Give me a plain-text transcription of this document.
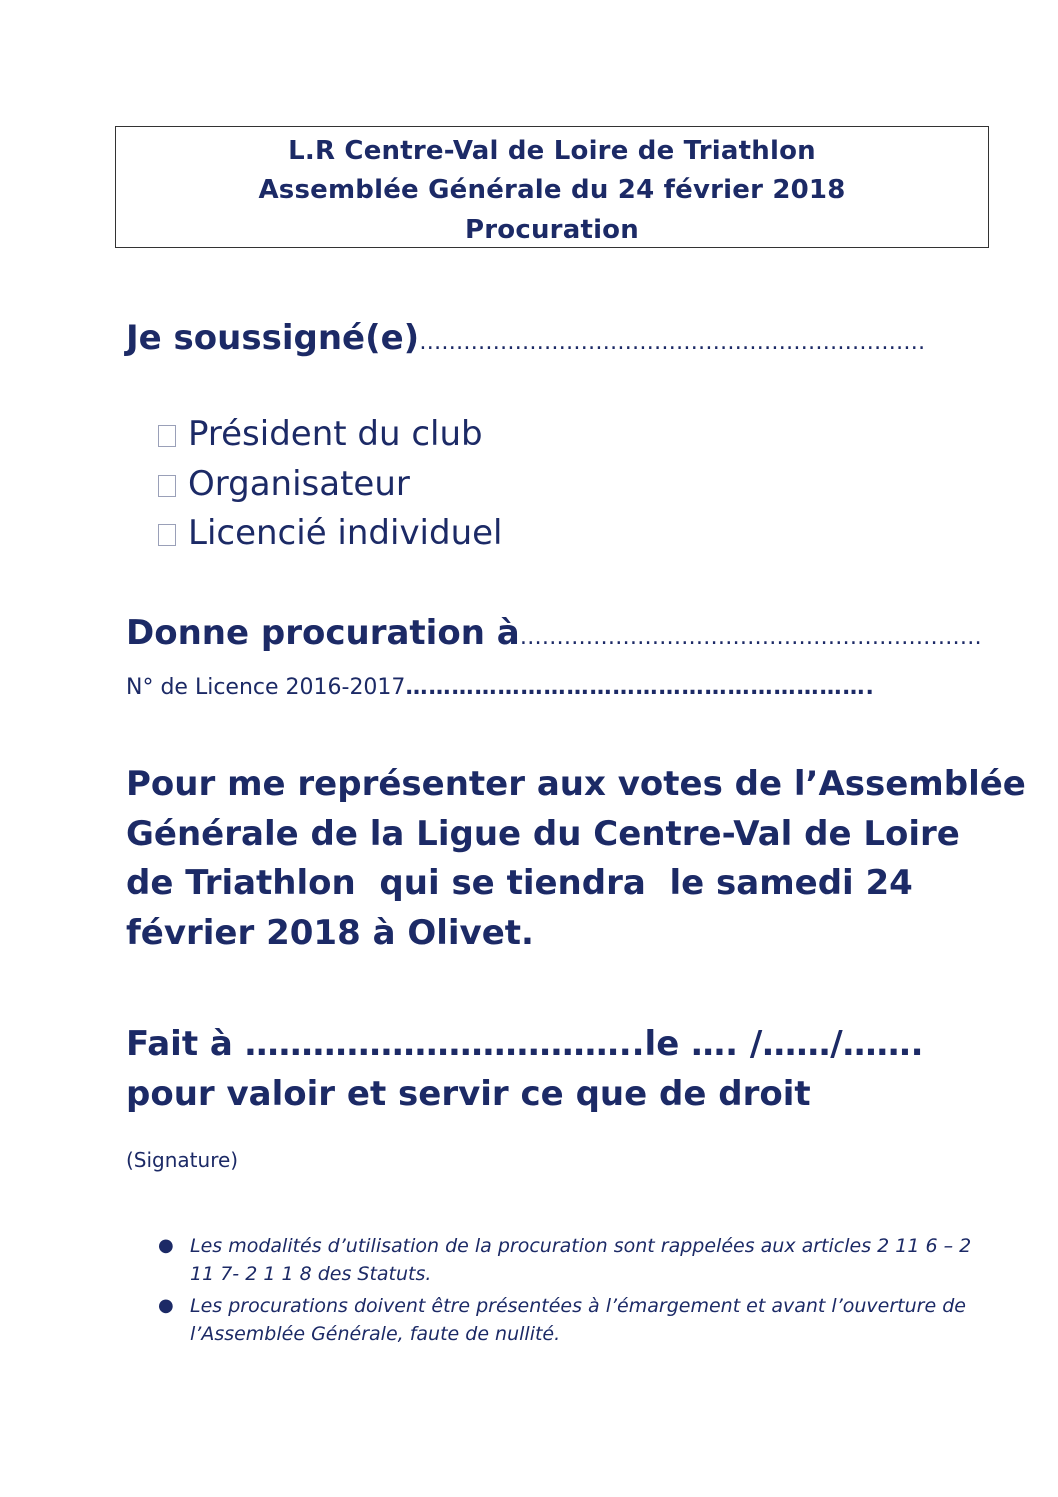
L.R Centre-Val de Loire de Triathlon
Assemblée Générale du 24 février 2018
Procuration
Je soussigné(e)……………………………………………………………
Président du club
Organisateur
Licencié individuel
Donne procuration à………………………………………………………
N° de Licence 2016-2017…………………………………………………….
Pour me représenter aux votes de l’Assemblée
Générale de la Ligue du Centre-Val de Loire
de Triathlon  qui se tiendra  le samedi 24
février 2018 à Olivet.
Fait à ……………………………..le …. /……/…….
pour valoir et servir ce que de droit
(Signature)
● Les modalités d’utilisation de la procuration sont rappelées aux articles 2 11 6 – 2
11 7- 2 1 1 8 des Statuts.
● Les procurations doivent être présentées à l’émargement et avant l’ouverture de
l’Assemblée Générale, faute de nullité.
